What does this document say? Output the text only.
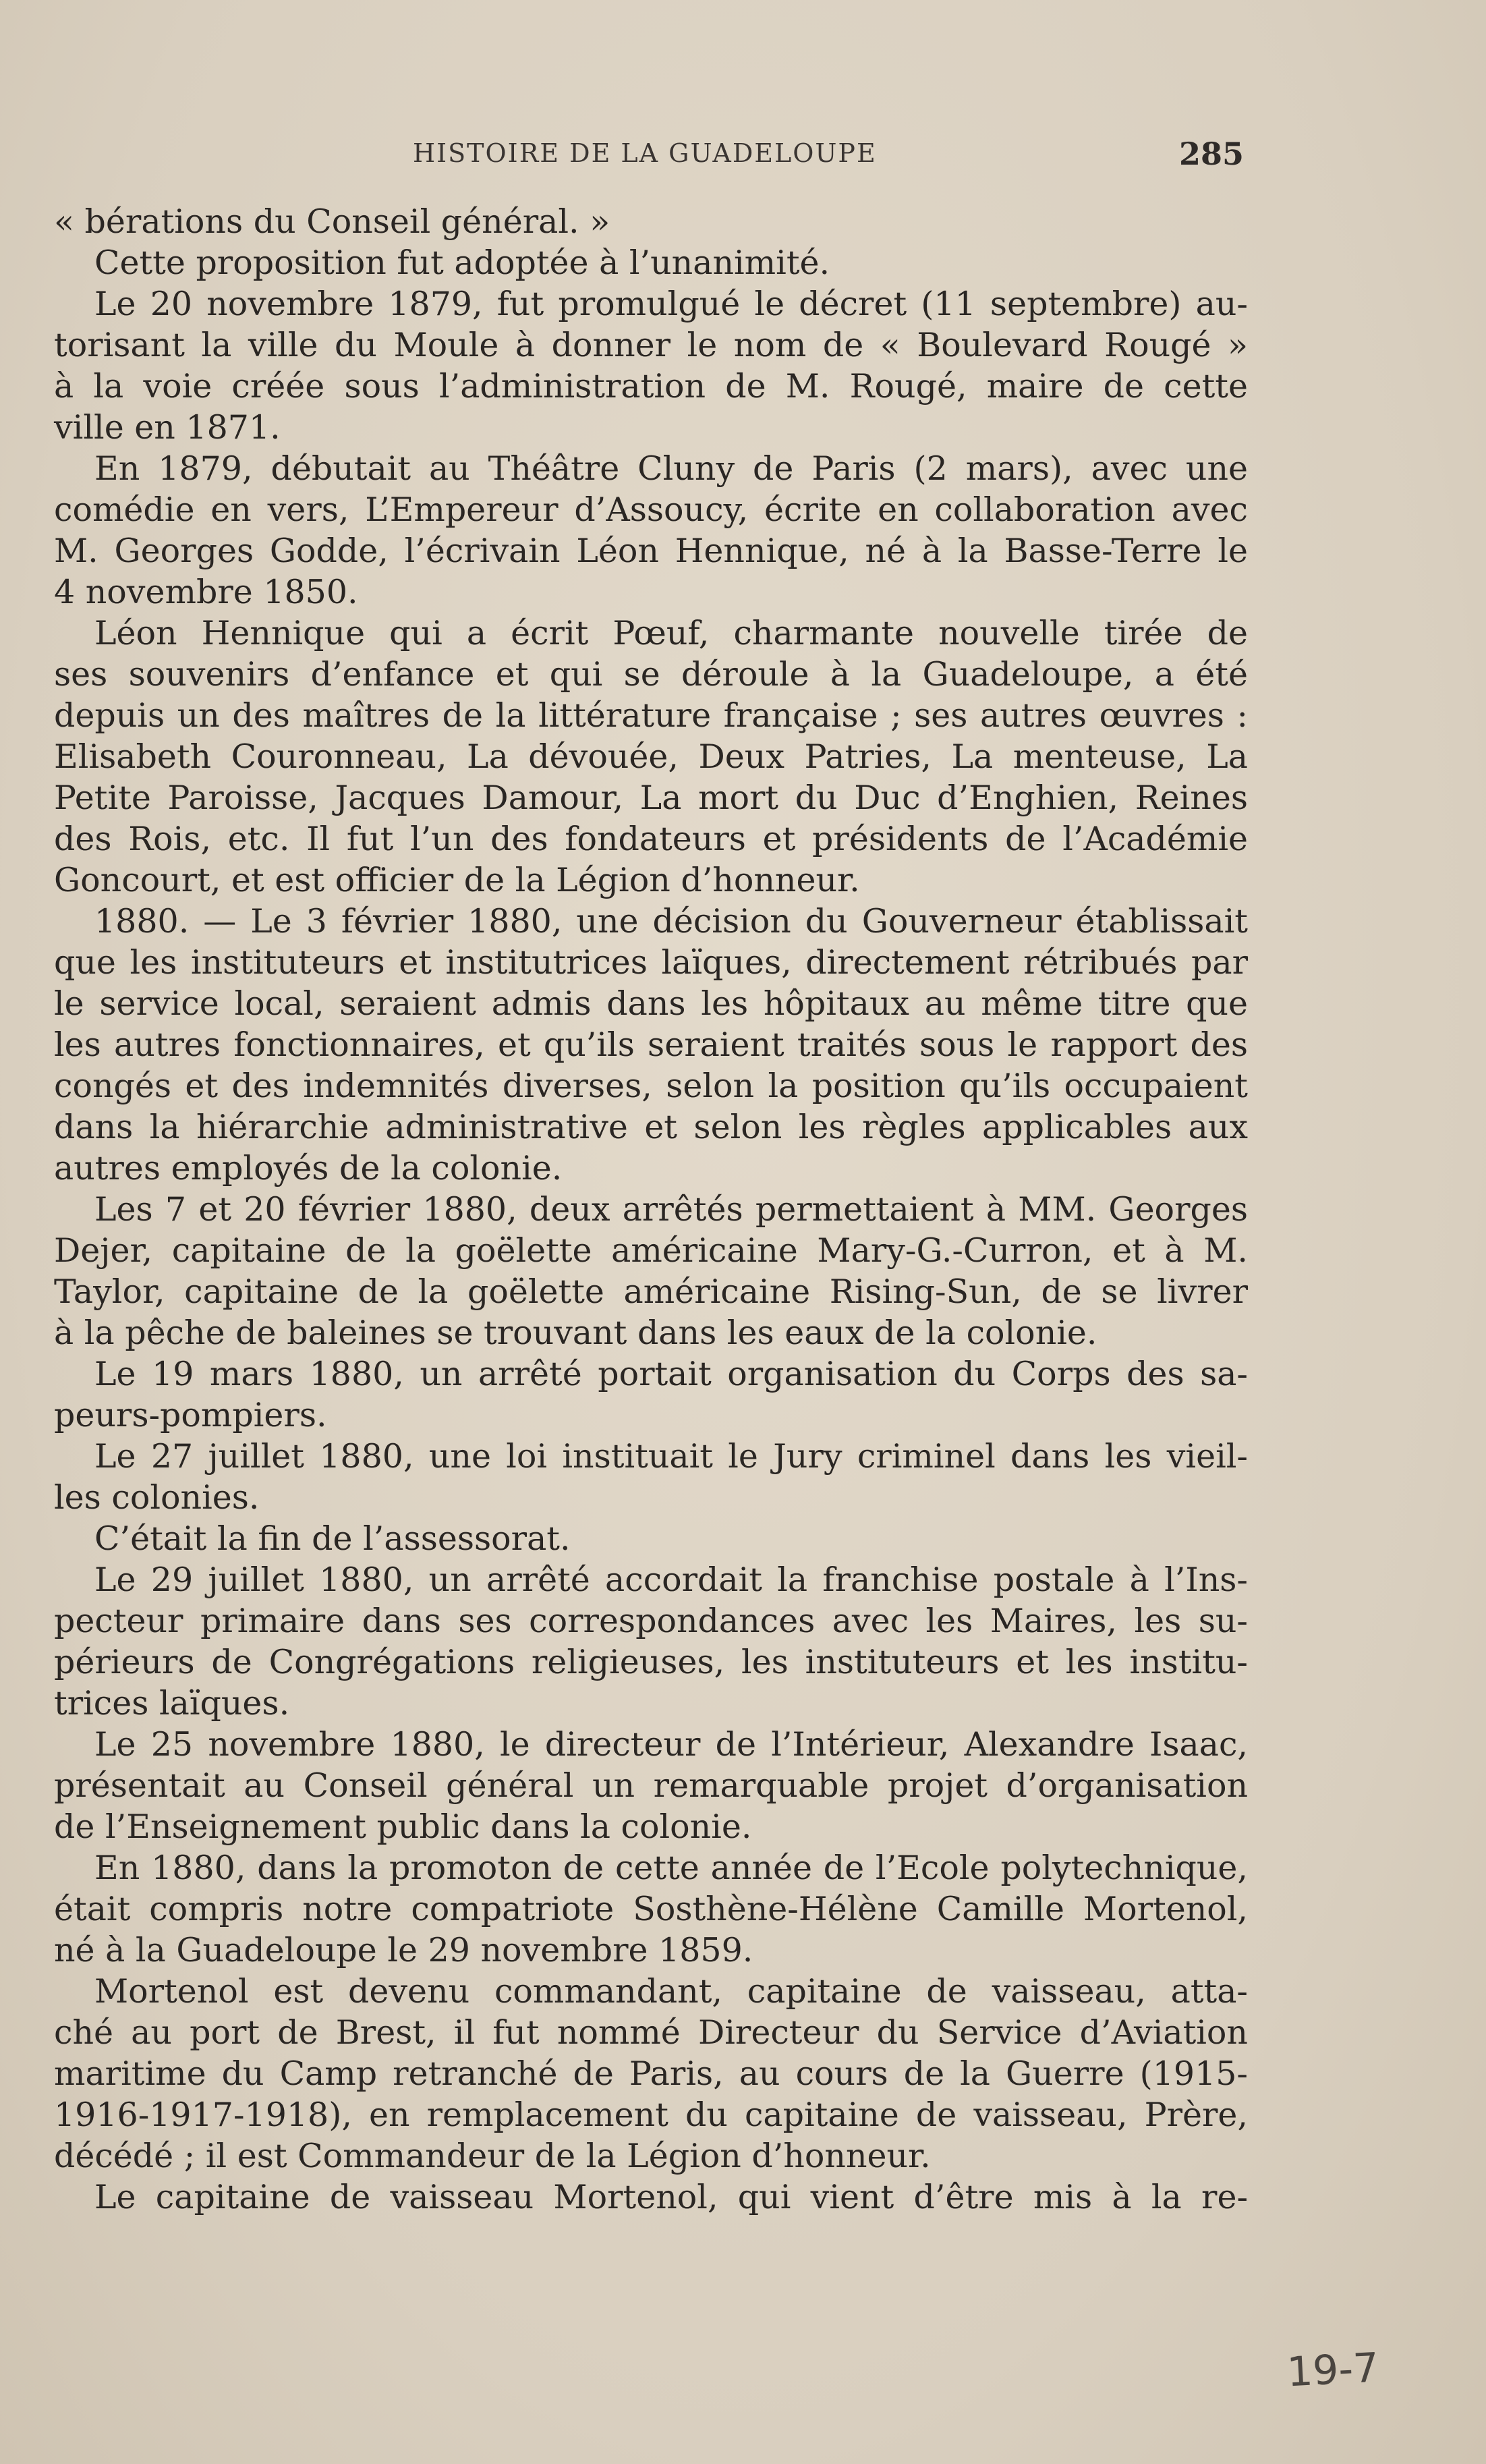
HISTOIRE DE LA GUADELOUPE	285
« bérations du Conseil général. »
Cette proposition fut adoptée à l’unanimité.
Le 20 novembre 1879, fut promulgué le décret (11 septembre) au-
torisant la ville du Moule à donner le nom de « Boulevard Rougé »
à la voie créée sous l’administration de M. Rougé, maire de cette
ville en 1871.
En 1879, débutait au Théâtre Cluny de Paris (2 mars), avec une
comédie en vers, L’Empereur d’Assoucy, écrite en collaboration avec
M. Georges Godde, l’écrivain Léon Hennique, né à la Basse-Terre le
4 novembre 1850.
Léon Hennique qui a écrit Pœuf, charmante nouvelle tirée de
ses souvenirs d’enfance et qui se déroule à la Guadeloupe, a été
depuis un des maîtres de la littérature française ; ses autres œuvres :
Elisabeth Couronneau, La dévouée, Deux Patries, La menteuse, La
Petite Paroisse, Jacques Damour, La mort du Duc d’Enghien, Reines
des Rois, etc. Il fut l’un des fondateurs et présidents de l’Académie
Goncourt, et est officier de la Légion d’honneur.
1880. — Le 3 février 1880, une décision du Gouverneur établissait
que les instituteurs et institutrices laïques, directement rétribués par
le service local, seraient admis dans les hôpitaux au même titre que
les autres fonctionnaires, et qu’ils seraient traités sous le rapport des
congés et des indemnités diverses, selon la position qu’ils occupaient
dans la hiérarchie administrative et selon les règles applicables aux
autres employés de la colonie.
Les 7 et 20 février 1880, deux arrêtés permettaient à MM. Georges
Dejer, capitaine de la goëlette américaine Mary-G.-Curron, et à M.
Taylor, capitaine de la goëlette américaine Rising-Sun, de se livrer
à la pêche de baleines se trouvant dans les eaux de la colonie.
Le 19 mars 1880, un arrêté portait organisation du Corps des sa-
peurs-pompiers.
Le 27 juillet 1880, une loi instituait le Jury criminel dans les vieil-
les colonies.
C’était la fin de l’assessorat.
Le 29 juillet 1880, un arrêté accordait la franchise postale à l’Ins-
pecteur primaire dans ses correspondances avec les Maires, les su-
périeurs de Congrégations religieuses, les instituteurs et les institu-
trices laïques.
Le 25 novembre 1880, le directeur de l’Intérieur, Alexandre Isaac,
présentait au Conseil général un remarquable projet d’organisation
de l’Enseignement public dans la colonie.
En 1880, dans la promoton de cette année de l’Ecole polytechnique,
était compris notre compatriote Sosthène-Hélène Camille Mortenol,
né à la Guadeloupe le 29 novembre 1859.
Mortenol est devenu commandant, capitaine de vaisseau, atta-
ché au port de Brest, il fut nommé Directeur du Service d’Aviation
maritime du Camp retranché de Paris, au cours de la Guerre (1915-
1916-1917-1918), en remplacement du capitaine de vaisseau, Prère,
décédé ; il est Commandeur de la Légion d’honneur.
Le capitaine de vaisseau Mortenol, qui vient d’être mis à la re-
19-7
